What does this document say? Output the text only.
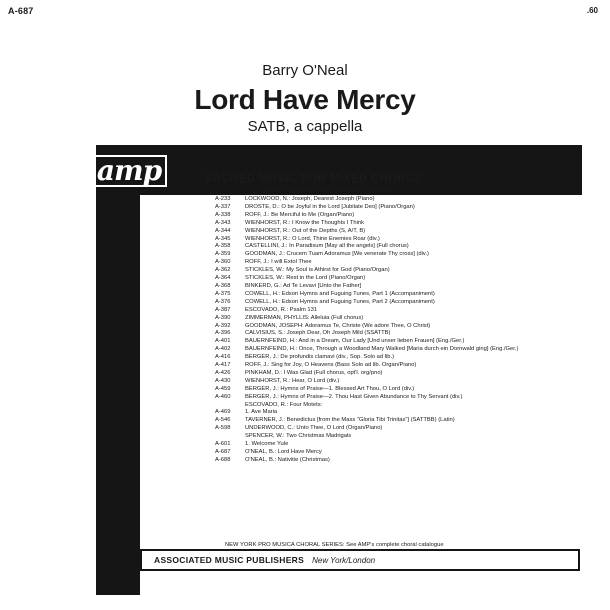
A-687	.60
Barry O'Neal
Lord Have Mercy
SATB, a cappella
amp	SACRED MUSIC FOR MIXED CHORUS
(SATB a cappella, unless otherwise indicated)
A-233	LOCKWOOD, N.: Joseph, Dearest Joseph (Piano)
A-337	DROSTE, D.: O be Joyful in the Lord [Jubilate Deo] (Piano/Organ)
A-338	ROFF, J.: Be Merciful to Me (Organ/Piano)
A-343	WIENHORST, R.: I Know the Thoughts I Think
A-344	WIENHORST, R.: Out of the Depths (S, A/T, B)
A-345	WIENHORST, R.: O Lord, Thine Enemies Roar (div.)
A-358	CASTELLINI, J.: In Paradisum [May all the angels] (Full chorus)
A-359	GOODMAN, J.: Crucem Tuam Adoramus [We venerate Thy cross] (div.)
A-360	ROFF, J.: I will Extol Thee
A-362	STICKLES, W.: My Soul is Athirst for God (Piano/Organ)
A-364	STICKLES, W.: Rest in the Lord (Piano/Organ)
A-368	BINKERD, G.: Ad Te Levavi [Unto the Father]
A-375	COWELL, H.: Edson Hymns and Fuguing Tunes, Part 1 (Accompaniment)
A-376	COWELL, H.: Edson Hymns and Fuguing Tunes, Part 2 (Accompaniment)
A-387	ESCOVADO, R.: Psalm 131
A-390	ZIMMERMAN, PHYLLIS: Alleluia (Full chorus)
A-392	GOODMAN, JOSEPH: Adoramus Te, Christe (We adore Thee, O Christ)
A-396	CALVISIUS, S.: Joseph Dear, Oh Joseph Mild (SSATTB)
A-401	BAUERNFEIND, H.: And in a Dream, Our Lady [Und unser lieben Frauen] (Eng./Ger.)
A-402	BAUERNFEIND, H.: Once, Through a Woodland Mary Walked [Maria durch ein Dornwald ging] (Eng./Ger.)
A-416	BERGER, J.: De profundis clamavi (div., Sop. Solo ad lib.)
A-417	ROFF, J.: Sing for Joy, O Heavens (Bass Solo ad lib. Organ/Piano)
A-426	PINKHAM, D.: I Was Glad (Full chorus, opt'l. org/pno)
A-430	WIENHORST, R.: Hear, O Lord (div.)
A-459	BERGER, J.: Hymns of Praise—1. Blessed Art Thou, O Lord (div.)
A-460	BERGER, J.: Hymns of Praise—2. Thou Hast Given Abundance to Thy Servant (div.)
ESCOVADO, R.: Four Motets:
A-469	1. Ave Maria
A-546	TAVERNER, J.: Benedictus [from the Mass "Gloria Tibi Trinitas"] (SATTBB) (Latin)
A-598	UNDERWOOD, C.: Unto Thee, O Lord (Organ/Piano)
SPENCER, W.: Two Christmas Madrigals
A-601	1. Welcome Yule
A-687	O'NEAL, B.: Lord Have Mercy
A-688	O'NEAL, B.: Nativitie (Christmas)
NEW YORK PRO MUSICA CHORAL SERIES: See AMP's complete choral catalogue
ASSOCIATED MUSIC PUBLISHERS New York/London
